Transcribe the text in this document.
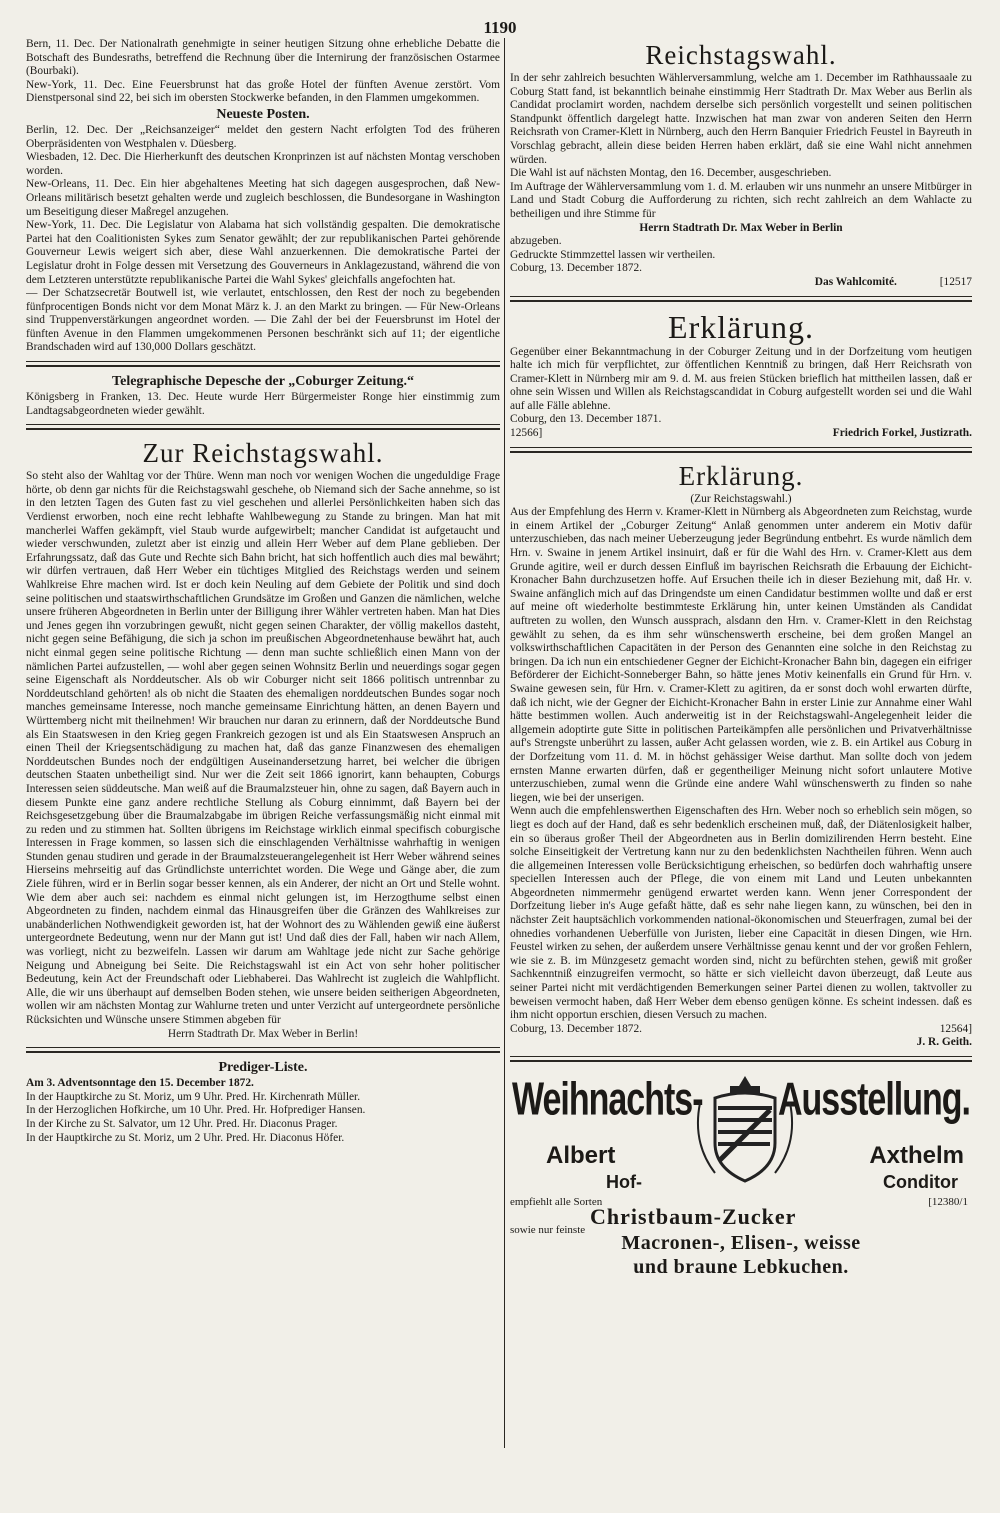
1190

Bern, 11. Dec. Der Nationalrath genehmigte in seiner heutigen Sitzung ohne erhebliche Debatte die Botschaft des Bundesraths, betreffend die Rechnung über die Internirung der französischen Ostarmee (Bourbaki).

New-York, 11. Dec. Eine Feuersbrunst hat das große Hotel der fünften Avenue zerstört. Vom Dienstpersonal sind 22, bei sich im obersten Stockwerke befanden, in den Flammen umgekommen.

Neueste Posten.

Berlin, 12. Dec. Der „Reichsanzeiger“ meldet den gestern Nacht erfolgten Tod des früheren Oberpräsidenten von Westphalen v. Düesberg.

Wiesbaden, 12. Dec. Die Hierherkunft des deutschen Kronprinzen ist auf nächsten Montag verschoben worden.

New-Orleans, 11. Dec. Ein hier abgehaltenes Meeting hat sich dagegen ausgesprochen, daß New-Orleans militärisch besetzt gehalten werde und zugleich beschlossen, die Bundesorgane in Washington um Beseitigung dieser Maßregel anzugehen.

New-York, 11. Dec. Die Legislatur von Alabama hat sich vollständig gespalten. Die demokratische Partei hat den Coalitionisten Sykes zum Senator gewählt; der zur republikanischen Partei gehörende Gouverneur Lewis weigert sich aber, diese Wahl anzuerkennen. Die demokratische Partei der Legislatur droht in Folge dessen mit Versetzung des Gouverneurs in Anklagezustand, während die von dem Letzteren unterstützte republikanische Partei die Wahl Sykes' gleichfalls angefochten hat.

— Der Schatzsecretär Boutwell ist, wie verlautet, entschlossen, den Rest der noch zu begebenden fünfprocentigen Bonds nicht vor dem Monat März k. J. an den Markt zu bringen. — Für New-Orleans sind Truppenverstärkungen angeordnet worden. — Die Zahl der bei der Feuersbrunst im Hotel der fünften Avenue in den Flammen umgekommenen Personen beschränkt sich auf 11; der eigentliche Brandschaden wird auf 130,000 Dollars geschätzt.

Telegraphische Depesche der „Coburger Zeitung.“

Königsberg in Franken, 13. Dec. Heute wurde Herr Bürgermeister Ronge hier einstimmig zum Landtagsabgeordneten wieder gewählt.

Zur Reichstagswahl.

So steht also der Wahltag vor der Thüre. Wenn man noch vor wenigen Wochen die ungeduldige Frage hörte, ob denn gar nichts für die Reichstagswahl geschehe, ob Niemand sich der Sache annehme, so ist in den letzten Tagen des Guten fast zu viel geschehen und allerlei Persönlichkeiten haben sich das Verdienst erworben, noch eine recht lebhafte Wahlbewegung zu Stande zu bringen. Man hat mit mancherlei Waffen gekämpft, viel Staub wurde aufgewirbelt; mancher Candidat ist aufgetaucht und wieder verschwunden, zuletzt aber ist einzig und allein Herr Weber auf dem Plane geblieben. Der Erfahrungssatz, daß das Gute und Rechte sich Bahn bricht, hat sich hoffentlich auch dies mal bewährt; wir dürfen vertrauen, daß Herr Weber ein tüchtiges Mitglied des Reichstags werden und seinem Wahlkreise Ehre machen wird. Ist er doch kein Neuling auf dem Gebiete der Politik und sind doch seine politischen und staatswirthschaftlichen Grundsätze im Großen und Ganzen die nämlichen, welche unsere früheren Abgeordneten in Berlin unter der Billigung ihrer Wähler vertreten haben. Man hat Dies und Jenes gegen ihn vorzubringen gewußt, nicht gegen seinen Charakter, der völlig makellos dasteht, nicht gegen seine Befähigung, die sich ja schon im preußischen Abgeordnetenhause bewährt hat, auch nicht einmal gegen seine politische Richtung — denn man suchte schließlich einen Mann von der nämlichen Partei aufzustellen, — wohl aber gegen seinen Wohnsitz Berlin und neuerdings sogar gegen seine Eigenschaft als Norddeutscher. Als ob wir Coburger nicht seit 1866 politisch untrennbar zu Norddeutschland gehörten! als ob nicht die Staaten des ehemaligen norddeutschen Bundes sogar noch manches gemeinsame Interesse, noch manche gemeinsame Einrichtung hätten, an denen Bayern und Württemberg nicht mit theilnehmen! Wir brauchen nur daran zu erinnern, daß der Norddeutsche Bund als Ein Staatswesen in den Krieg gegen Frankreich gezogen ist und als Ein Staatswesen Anspruch an einen Theil der Kriegsentschädigung zu machen hat, daß das ganze Finanzwesen des ehemaligen Norddeutschen Bundes noch der endgültigen Auseinandersetzung harret, bei welcher die übrigen deutschen Staaten unbetheiligt sind. Nur wer die Zeit seit 1866 ignorirt, kann behaupten, Coburgs Interessen seien süddeutsche. Man weiß auf die Braumalzsteuer hin, ohne zu sagen, daß Bayern auch in diesem Punkte eine ganz andere rechtliche Stellung als Coburg einnimmt, daß Bayern bei der Reichsgesetzgebung über die Braumalzabgabe im übrigen Reiche verfassungsmäßig nicht einmal mit zu reden und zu stimmen hat. Sollten übrigens im Reichstage wirklich einmal specifisch coburgische Interessen in Frage kommen, so lassen sich die einschlagenden Verhältnisse wahrhaftig in wenigen Stunden genau studiren und gerade in der Braumalzsteuerangelegenheit ist Herr Weber während seines Hierseins mehrseitig auf das Gründlichste unterrichtet worden. Die Wege und Gänge aber, die zum Ziele führen, wird er in Berlin sogar besser kennen, als ein Anderer, der nicht an Ort und Stelle wohnt. Wie dem aber auch sei: nachdem es einmal nicht gelungen ist, im Herzogthume selbst einen Abgeordneten zu finden, nachdem einmal das Hinausgreifen über die Gränzen des Wahlkreises zur unabänderlichen Nothwendigkeit geworden ist, hat der Wohnort des zu Wählenden gewiß eine äußerst untergeordnete Bedeutung, wenn nur der Mann gut ist! Und daß dies der Fall, haben wir nach Allem, was vorliegt, nicht zu bezweifeln. Lassen wir darum am Wahltage jede nicht zur Sache gehörige Neigung und Abneigung bei Seite. Die Reichstagswahl ist ein Act von sehr hoher politischer Bedeutung, kein Act der Freundschaft oder Liebhaberei. Das Wahlrecht ist zugleich die Wahlpflicht. Alle, die wir uns überhaupt auf demselben Boden stehen, wie unsere beiden seitherigen Abgeordneten, wollen wir am nächsten Montag zur Wahlurne treten und unter Verzicht auf untergeordnete persönliche Rücksichten und Wünsche unsere Stimmen abgeben für

Herrn Stadtrath Dr. Max Weber in Berlin!

Prediger-Liste.

Am 3. Adventsonntage den 15. December 1872.

In der Hauptkirche zu St. Moriz, um 9 Uhr. Pred. Hr. Kirchenrath Müller.

In der Herzoglichen Hofkirche, um 10 Uhr. Pred. Hr. Hofprediger Hansen.

In der Kirche zu St. Salvator, um 12 Uhr. Pred. Hr. Diaconus Prager.

In der Hauptkirche zu St. Moriz, um 2 Uhr. Pred. Hr. Diaconus Höfer.

Reichstagswahl.

In der sehr zahlreich besuchten Wählerversammlung, welche am 1. December im Rathhaussaale zu Coburg Statt fand, ist bekanntlich beinahe einstimmig Herr Stadtrath Dr. Max Weber aus Berlin als Candidat proclamirt worden, nachdem derselbe sich persönlich vorgestellt und seinen politischen Standpunkt öffentlich dargelegt hatte. Inzwischen hat man zwar von anderen Seiten den Herrn Reichsrath von Cramer-Klett in Nürnberg, auch den Herrn Banquier Friedrich Feustel in Bayreuth in Vorschlag gebracht, allein diese beiden Herren haben erklärt, daß sie eine Wahl nicht annehmen würden.

Die Wahl ist auf nächsten Montag, den 16. December, ausgeschrieben.

Im Auftrage der Wählerversammlung vom 1. d. M. erlauben wir uns nunmehr an unsere Mitbürger in Land und Stadt Coburg die Aufforderung zu richten, sich recht zahlreich an dem Wahlacte zu betheiligen und ihre Stimme für

Herrn Stadtrath Dr. Max Weber in Berlin

abzugeben.

Gedruckte Stimmzettel lassen wir vertheilen.

Coburg, 13. December 1872.

Das Wahlcomité.	[12517

Erklärung.

Gegenüber einer Bekanntmachung in der Coburger Zeitung und in der Dorfzeitung vom heutigen halte ich mich für verpflichtet, zur öffentlichen Kenntniß zu bringen, daß Herr Reichsrath von Cramer-Klett in Nürnberg mir am 9. d. M. aus freien Stücken brieflich hat mittheilen lassen, daß er ohne sein Wissen und Willen als Reichstagscandidat in Coburg aufgestellt worden sei und die Wahl auf alle Fälle ablehne.

Coburg, den 13. December 1871.

12566]	Friedrich Forkel, Justizrath.

Erklärung.

(Zur Reichstagswahl.)

Aus der Empfehlung des Herrn v. Kramer-Klett in Nürnberg als Abgeordneten zum Reichstag, wurde in einem Artikel der „Coburger Zeitung“ Anlaß genommen unter anderem ein Motiv dafür unterzuschieben, das nach meiner Ueberzeugung jeder Begründung entbehrt. Es wurde nämlich dem Hrn. v. Swaine in jenem Artikel insinuirt, daß er für die Wahl des Hrn. v. Cramer-Klett aus dem Grunde agitire, weil er durch dessen Einfluß im bayrischen Reichsrath die Erbauung der Eichicht-Kronacher Bahn durchzusetzen hoffe. Auf Ersuchen theile ich in dieser Beziehung mit, daß Hr. v. Swaine anfänglich mich auf das Dringendste um einen Candidatur bestimmen wollte und daß er erst auf meine oft wiederholte bestimmteste Erklärung hin, unter keinen Umständen als Candidat auftreten zu wollen, den Wunsch aussprach, alsdann den Hrn. v. Cramer-Klett in den Reichstag gewählt zu sehen, da es ihm sehr wünschenswerth erscheine, bei dem großen Mangel an volkswirthschaftlichen Capacitäten in der Person des Genannten eine solche in den Reichstag zu bringen. Da ich nun ein entschiedener Gegner der Eichicht-Kronacher Bahn bin, dagegen ein eifriger Beförderer der Eichicht-Sonneberger Bahn, so hätte jenes Motiv keinenfalls ein Grund für Hrn. v. Swaine gewesen sein, für Hrn. v. Cramer-Klett zu agitiren, da er sonst doch wohl erwarten dürfte, daß ich nicht, wie der Gegner der Eichicht-Kronacher Bahn in erster Linie zur Annahme einer Wahl hätte bestimmen wollen. Auch anderweitig ist in der Reichstagswahl-Angelegenheit leider die allgemein adoptirte gute Sitte in politischen Parteikämpfen alle persönlichen und Privatverhältnisse auf's Strengste unberührt zu lassen, außer Acht gelassen worden, wie z. B. ein Artikel aus Coburg in der Dorfzeitung vom 11. d. M. in höchst gehässiger Weise darthut. Man sollte doch von jedem ernsten Manne erwarten dürfen, daß er gegentheiliger Meinung nicht sofort unlautere Motive unterzuschieben, zumal wenn die Gründe eine andere Wahl wünschenswerth zu finden so nahe liegen, wie bei der unserigen.

Wenn auch die empfehlenswerthen Eigenschaften des Hrn. Weber noch so erheblich sein mögen, so liegt es doch auf der Hand, daß es sehr bedenklich erscheinen muß, daß, der Diätenlosigkeit halber, ein so überaus großer Theil der Abgeordneten aus in Berlin domizilirenden Herrn besteht. Eine solche Einseitigkeit der Vertretung kann nur zu den bedenklichsten Nachtheilen führen. Wenn auch die allgemeinen Interessen volle Berücksichtigung erheischen, so bedürfen doch wahrhaftig unsere speciellen Interessen auch der Pflege, die von einem mit Land und Leuten unbekannten Abgeordneten nimmermehr genügend erwartet werden kann. Wenn jener Correspondent der Dorfzeitung lieber in's Auge gefaßt hätte, daß es sehr nahe liegen kann, zu wünschen, bei den in nächster Zeit hauptsächlich vorkommenden national-ökonomischen und Steuerfragen, zumal bei der ohnedies vorhandenen Ueberfülle von Juristen, lieber eine Capacität in diesen Dingen, wie Hrn. Feustel wirken zu sehen, der außerdem unsere Verhältnisse genau kennt und der vor großen Fehlern, wie sie z. B. im Münzgesetz gemacht worden sind, nicht zu befürchten stehen, gewiß mit großer Sachkenntniß einzugreifen vermocht, so hätte er sich vielleicht davon überzeugt, daß Leute aus seiner Partei nicht mit verdächtigenden Bemerkungen seiner Partei dienen zu wollen, taktvoller zu beweisen vermocht haben, daß Herr Weber dem ebenso genügen könne. Es scheint indessen. daß es ihm nicht opportun erschien, diesen Versuch zu machen.

Coburg, 13. December 1872.	12564]

J. R. Geith.

Weihnachts- Ausstellung.
Albert	Axthelm
Hof-	Conditor
empfiehlt alle Sorten	[12380/1
Christbaum-Zucker
sowie nur feinste
Macronen-, Elisen-, weisse
und braune Lebkuchen.
